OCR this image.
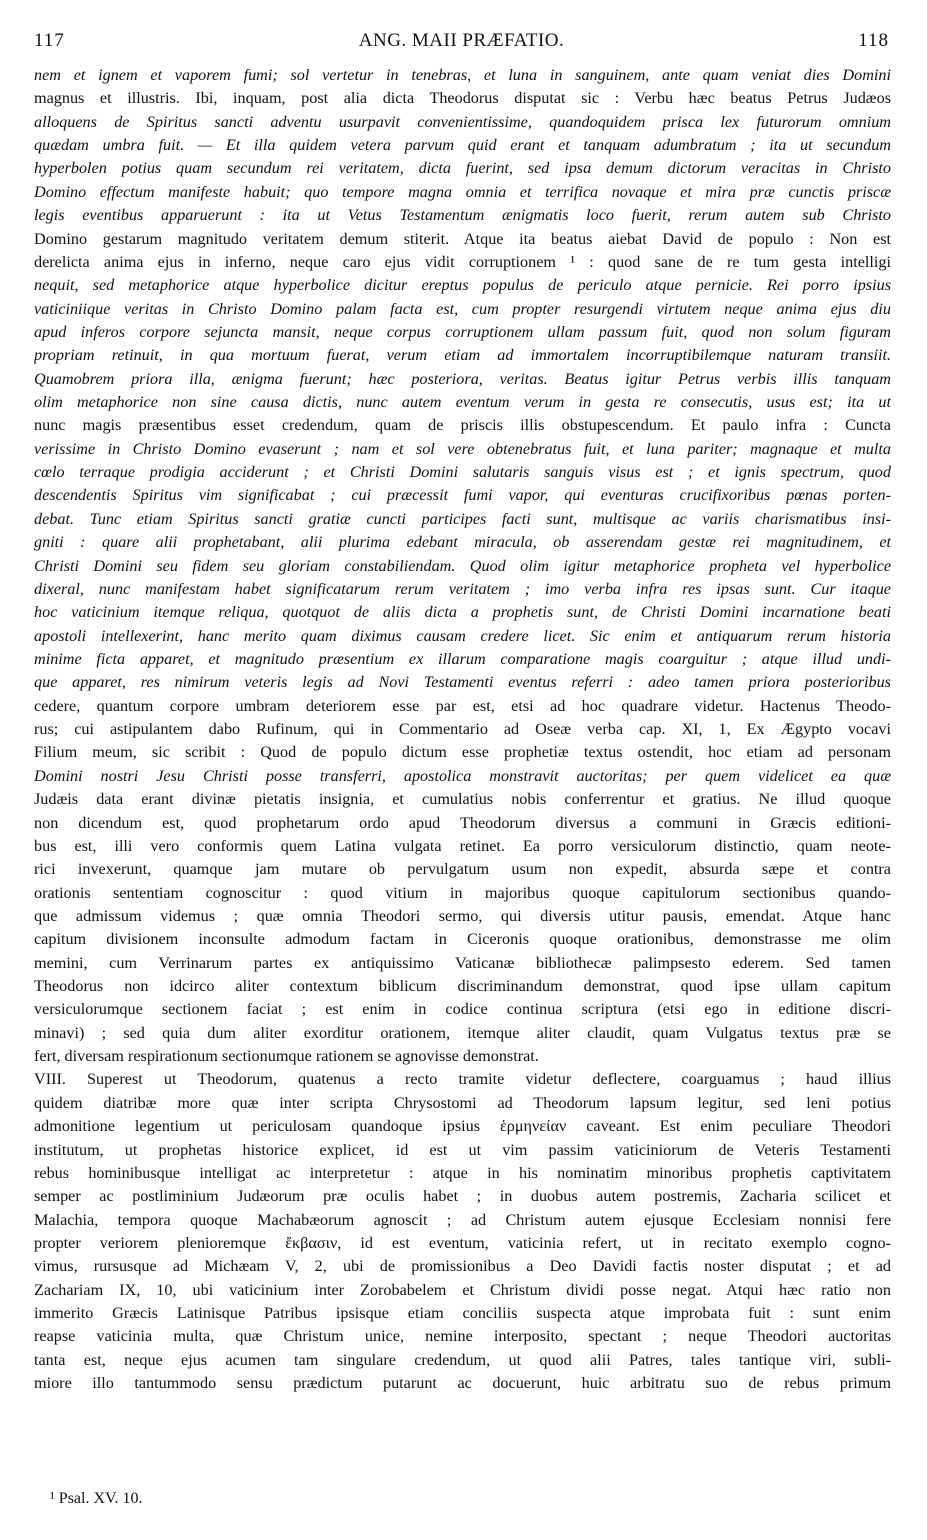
ANG. MAII PRÆFATIO.
117	118
nem et ignem et vaporem fumi; sol vertetur in tenebras, et luna in sanguinem, ante quam veniat dies Domini
magnus et illustris. Ibi, inquam, post alia dicta Theodorus disputat sic : Verbu hæc beatus Petrus Judæos
alloquens de Spiritus sancti adventu usurpavit convenientissime, quandoquidem prisca lex futurorum omnium
quædam umbra fuit. — Et illa quidem vetera parvum quid erant et tanquam adumbratum ; ita ut secundum
hyperbolen potius quam secundum rei veritatem, dicta fuerint, sed ipsa demum dictorum veracitas in Christo
Domino effectum manifeste habuit; quo tempore magna omnia et terrifica novaque et mira præ cunctis priscæ
legis eventibus apparuerunt : ita ut Vetus Testamentum ænigmatis loco fuerit, rerum autem sub Christo
Domino gestarum magnitudo veritatem demum stiterit. Atque ita beatus aiebat David de populo : Non est
derelicta anima ejus in inferno, neque caro ejus vidit corruptionem ¹ : quod sane de re tum gesta intelligi
nequit, sed metaphorice atque hyperbolice dicitur ereptus populus de periculo atque pernicie. Rei porro ipsius
vaticiniique veritas in Christo Domino palam facta est, cum propter resurgendi virtutem neque anima ejus diu
apud inferos corpore sejuncta mansit, neque corpus corruptionem ullam passum fuit, quod non solum figuram
propriam retinuit, in qua mortuum fuerat, verum etiam ad immortalem incorruptibilemque naturam transiit.
Quamobrem priora illa, ænigma fuerunt; hæc posteriora, veritas. Beatus igitur Petrus verbis illis tanquam
olim metaphorice non sine causa dictis, nunc autem eventum verum in gesta re consecutis, usus est; ita ut
nunc magis præsentibus esset credendum, quam de priscis illis obstupescendum. Et paulo infra : Cuncta
verissime in Christo Domino evaserunt ; nam et sol vere obtenebratus fuit, et luna pariter; magnaque et multa
cœlo terraque prodigia acciderunt ; et Christi Domini salutaris sanguis visus est ; et ignis spectrum, quod
descendentis Spiritus vim significabat ; cui præcessit fumi vapor, qui eventuras crucifixoribus pœnas porten-
debat. Tunc etiam Spiritus sancti gratiæ cuncti participes facti sunt, multisque ac variis charismatibus insi-
gniti : quare alii prophetabant, alii plurima edebant miracula, ob asserendam gestæ rei magnitudinem, et
Christi Domini seu fidem seu gloriam constabiliendam. Quod olim igitur metaphorice propheta vel hyperbolice
dixeral, nunc manifestam habet significatarum rerum veritatem ; imo verba infra res ipsas sunt. Cur itaque
hoc vaticinium itemque reliqua, quotquot de aliis dicta a prophetis sunt, de Christi Domini incarnatione beati
apostoli intellexerint, hanc merito quam diximus causam credere licet. Sic enim et antiquarum rerum historia
minime ficta apparet, et magnitudo præsentium ex illarum comparatione magis coarguitur ; atque illud undi-
que apparet, res nimirum veteris legis ad Novi Testamenti eventus referri : adeo tamen priora posterioribus
cedere, quantum corpore umbram deteriorem esse par est, etsi ad hoc quadrare videtur. Hactenus Theodo-
rus; cui astipulantem dabo Rufinum, qui in Commentario ad Oseæ verba cap. XI, 1, Ex Ægypto vocavi
Filium meum, sic scribit : Quod de populo dictum esse prophetiæ textus ostendit, hoc etiam ad personam
Domini nostri Jesu Christi posse transferri, apostolica monstravit auctoritas; per quem videlicet ea quæ
Judæis data erant divinæ pietatis insignia, et cumulatius nobis conferrentur et gratius. Ne illud quoque
non dicendum est, quod prophetarum ordo apud Theodorum diversus a communi in Græcis editioni-
bus est, illi vero conformis quem Latina vulgata retinet. Ea porro versiculorum distinctio, quam neote-
rici invexerunt, quamque jam mutare ob pervulgatum usum non expedit, absurda sæpe et contra
orationis sententiam cognoscitur : quod vitium in majoribus quoque capitulorum sectionibus quando-
que admissum videmus ; quæ omnia Theodori sermo, qui diversis utitur pausis, emendat. Atque hanc
capitum divisionem inconsulte admodum factam in Ciceronis quoque orationibus, demonstrasse me olim
memini, cum Verrinarum partes ex antiquissimo Vaticanæ bibliothecæ palimpsesto ederem. Sed tamen
Theodorus non idcirco aliter contextum biblicum discriminandum demonstrat, quod ipse ullam capitum
versiculorumque sectionem faciat ; est enim in codice continua scriptura (etsi ego in editione discri-
minavi) ; sed quia dum aliter exorditur orationem, itemque aliter claudit, quam Vulgatus textus præ se
fert, diversam respirationum sectionumque rationem se agnovisse demonstrat.
VIII. Superest ut Theodorum, quatenus a recto tramite videtur deflectere, coarguamus ; haud illius
quidem diatribæ more quæ inter scripta Chrysostomi ad Theodorum lapsum legitur, sed leni potius
admonitione legentium ut periculosam quandoque ipsius ἑρμηνείαν caveant. Est enim peculiare Theodori
institutum, ut prophetas historice explicet, id est ut vim passim vaticiniorum de Veteris Testamenti
rebus hominibusque intelligat ac interpretetur : atque in his nominatim minoribus prophetis captivitatem
semper ac postliminium Judæorum præ oculis habet ; in duobus autem postremis, Zacharia scilicet et
Malachia, tempora quoque Machabæorum agnoscit ; ad Christum autem ejusque Ecclesiam nonnisi fere
propter veriorem plenioremque ἔκβασιν, id est eventum, vaticinia refert, ut in recitato exemplo cogno-
vimus, rursusque ad Michæam V, 2, ubi de promissionibus a Deo Davidi factis noster disputat ; et ad
Zachariam IX, 10, ubi vaticinium inter Zorobabelem et Christum dividi posse negat. Atqui hæc ratio non
immerito Græcis Latinisque Patribus ipsisque etiam conciliis suspecta atque improbata fuit : sunt enim
reapse vaticinia multa, quæ Christum unice, nemine interposito, spectant ; neque Theodori auctoritas
tanta est, neque ejus acumen tam singulare credendum, ut quod alii Patres, tales tantique viri, subli-
miore illo tantummodo sensu prædictum putarunt ac docuerunt, huic arbitratu suo de rebus primum
¹ Psal. XV. 10.
